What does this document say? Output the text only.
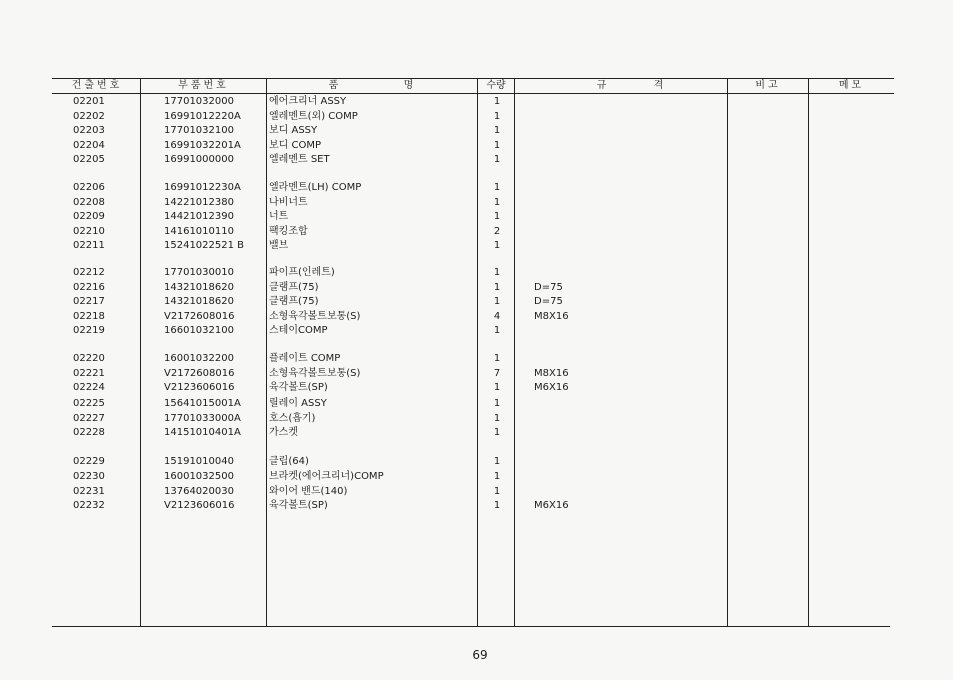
건출번호	부품번호	품	명	수량	규	격	비고	메모
02201	17701032000	에어크리너 ASSY	1
02202	16991012220A	엘레멘트(외) COMP	1
02203	17701032100	보디 ASSY	1
02204	16991032201A	보디 COMP	1
02205	16991000000	엘레멘트 SET	1
02206	16991012230A	엘라멘트(LH) COMP	1
02208	14221012380	나비너트	1
02209	14421012390	너트	1
02210	14161010110	팩킹조합	2
02211	15241022521 B	밸브	1
02212	17701030010	파이프(인레트)	1
02216	14321018620	클램프(75)	1	D=75
02217	14321018620	클램프(75)	1	D=75
02218	V2172608016	소형육각볼트보통(S)	4	M8X16
02219	16601032100	스테이COMP	1
02220	16001032200	플레이트 COMP	1
02221	V2172608016	소형육각볼트보통(S)	7	M8X16
02224	V2123606016	육각볼트(SP)	1	M6X16
02225	15641015001A	릴레이 ASSY	1
02227	17701033000A	호스(흡기)	1
02228	14151010401A	가스켓	1
02229	15191010040	클립(64)	1
02230	16001032500	브라켓(에어크리너)COMP	1
02231	13764020030	와이어 밴드(140)	1
02232	V2123606016	육각볼트(SP)	1	M6X16
69
